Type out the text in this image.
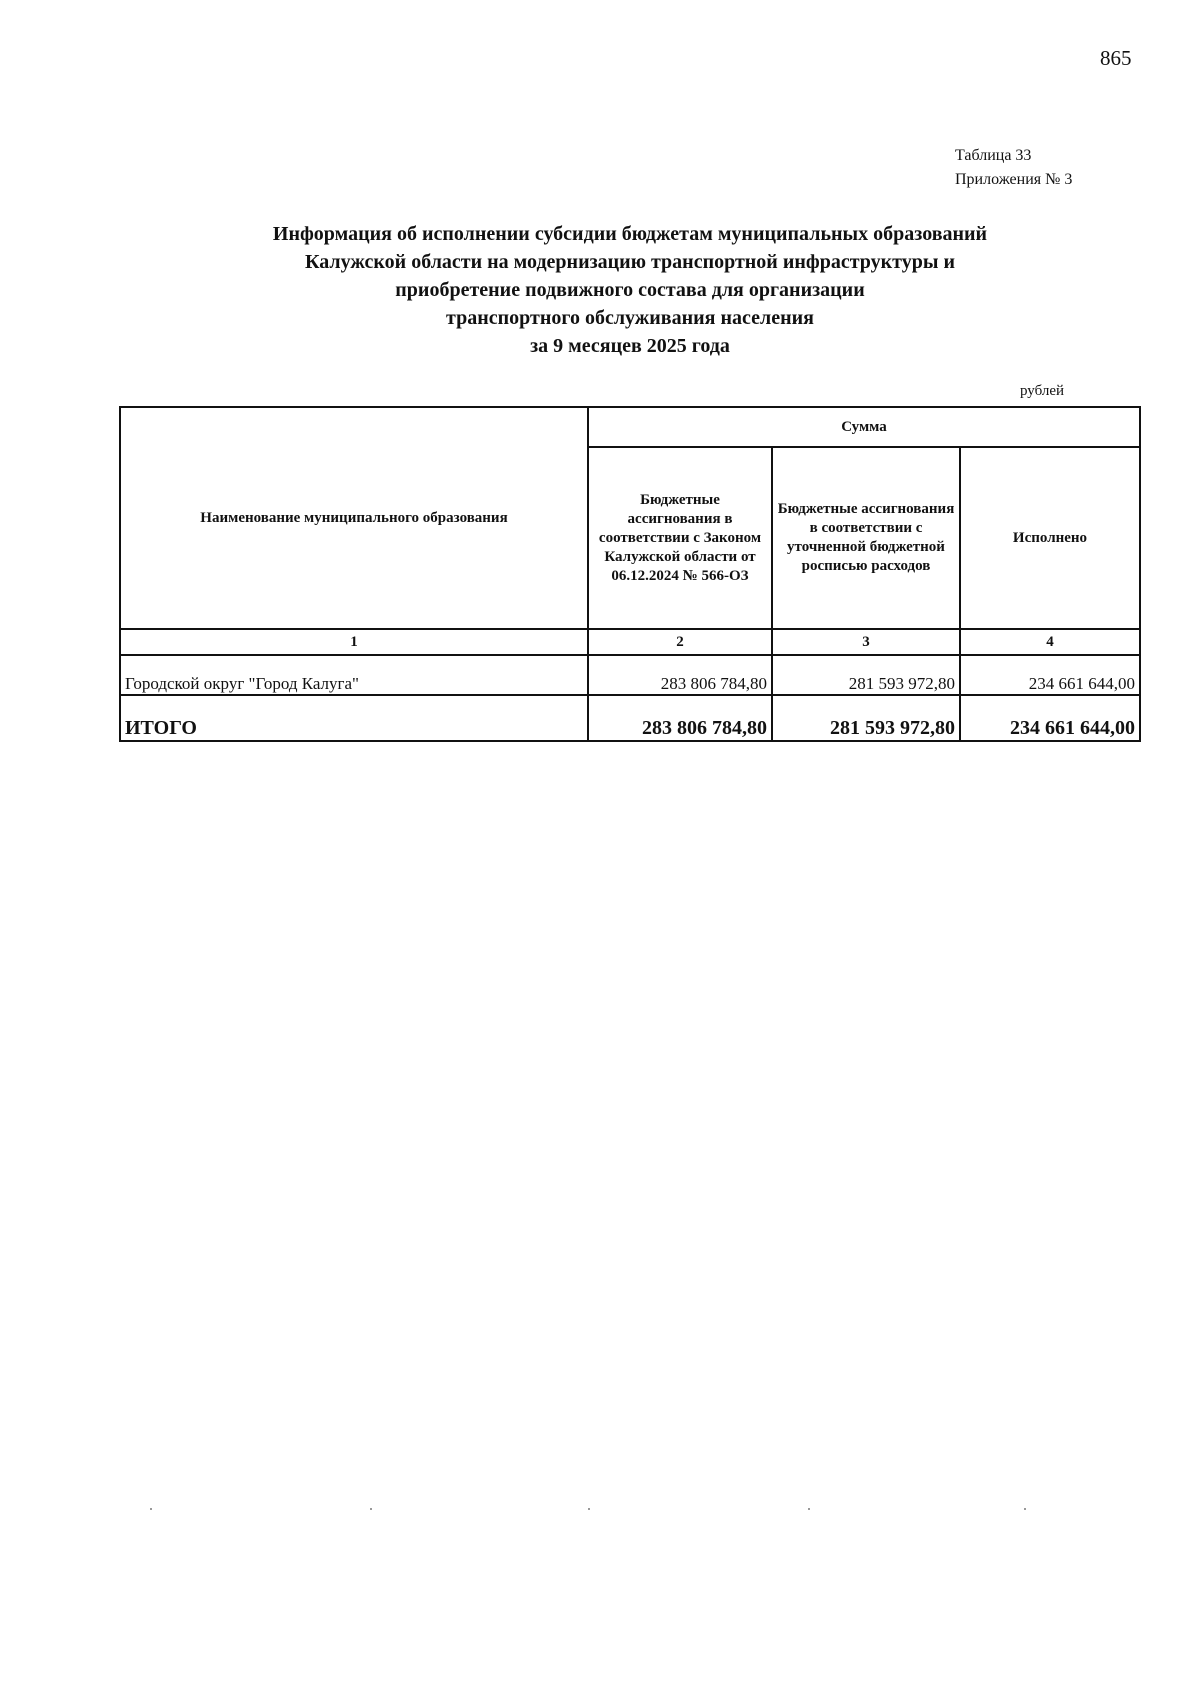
865
Таблица 33
Приложения № 3
Информация об исполнении субсидии бюджетам муниципальных образований
Калужской области на модернизацию транспортной инфраструктуры и
приобретение подвижного состава для организации
транспортного обслуживания населения
за 9 месяцев 2025 года
рублей
Наименование муниципального образования	Сумма		
	Бюджетные ассигнования в соответствии с Законом Калужской области от 06.12.2024 № 566-ОЗ	Бюджетные ассигнования в соответствии с уточненной бюджетной росписью расходов	Исполнено
1	2	3	4
Городской округ "Город Калуга"	283 806 784,80	281 593 972,80	234 661 644,00
ИТОГО	283 806 784,80	281 593 972,80	234 661 644,00
